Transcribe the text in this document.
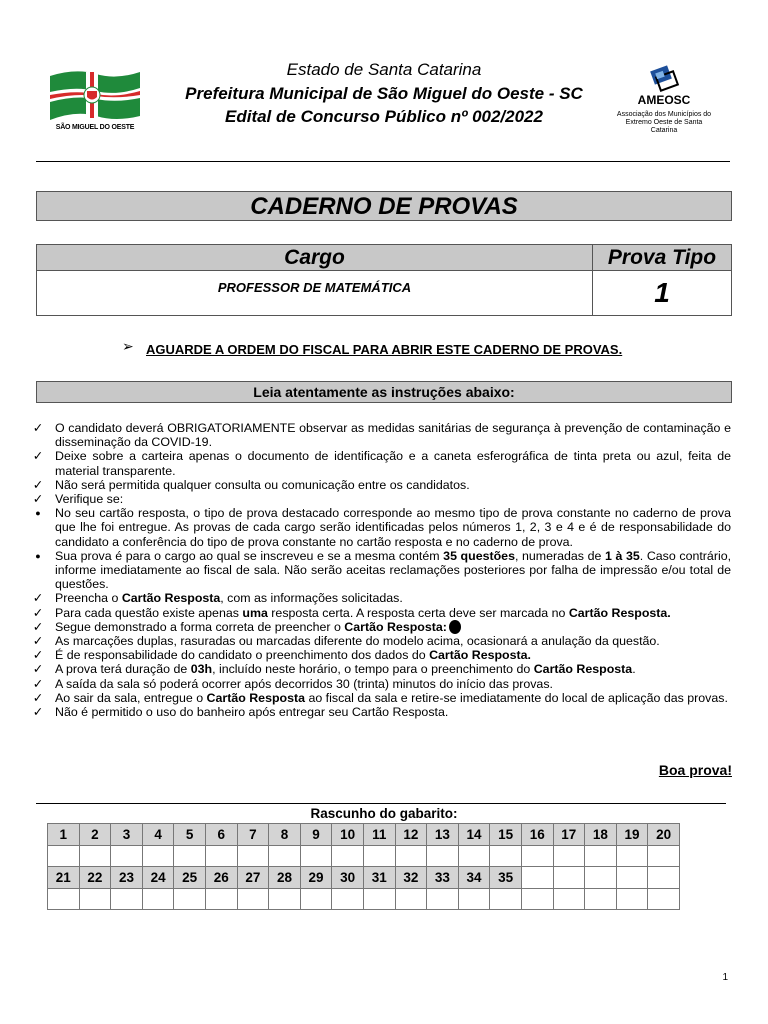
SÃO MIGUEL DO OESTE
Estado de Santa Catarina
Prefeitura Municipal de São Miguel do Oeste - SC
Edital de Concurso Público nº 002/2022
AMEOSC
Associação dos Municípios do Extremo Oeste de Santa Catarina
CADERNO DE PROVAS
Cargo	Prova Tipo
PROFESSOR DE MATEMÁTICA	1
➢ AGUARDE A ORDEM DO FISCAL PARA ABRIR ESTE CADERNO DE PROVAS.
Leia atentamente as instruções abaixo:
✓ O candidato deverá OBRIGATORIAMENTE observar as medidas sanitárias de segurança à prevenção de contaminação e disseminação da COVID-19.
✓ Deixe sobre a carteira apenas o documento de identificação e a caneta esferográfica de tinta preta ou azul, feita de material transparente.
✓ Não será permitida qualquer consulta ou comunicação entre os candidatos.
✓ Verifique se:
●	No seu cartão resposta, o tipo de prova destacado corresponde ao mesmo tipo de prova constante no caderno de prova que lhe foi entregue. As provas de cada cargo serão identificadas pelos números 1, 2, 3 e 4 e é de responsabilidade do candidato a conferência do tipo de prova constante no cartão resposta e no caderno de prova.
●	Sua prova é para o cargo ao qual se inscreveu e se a mesma contém 35 questões, numeradas de 1 à 35. Caso contrário, informe imediatamente ao fiscal de sala. Não serão aceitas reclamações posteriores por falha de impressão e/ou total de questões.
✓ Preencha o Cartão Resposta, com as informações solicitadas.
✓ Para cada questão existe apenas uma resposta certa. A resposta certa deve ser marcada no Cartão Resposta.
✓ Segue demonstrado a forma correta de preencher o Cartão Resposta:
✓ As marcações duplas, rasuradas ou marcadas diferente do modelo acima, ocasionará a anulação da questão.
✓ É de responsabilidade do candidato o preenchimento dos dados do Cartão Resposta.
✓ A prova terá duração de 03h, incluído neste horário, o tempo para o preenchimento do Cartão Resposta.
✓ A saída da sala só poderá ocorrer após decorridos 30 (trinta) minutos do início das provas.
✓ Ao sair da sala, entregue o Cartão Resposta ao fiscal da sala e retire-se imediatamente do local de aplicação das provas.
✓ Não é permitido o uso do banheiro após entregar seu Cartão Resposta.
Boa prova!
Rascunho do gabarito:
1	2	3	4	5	6	7	8	9	10	11	12	13	14	15	16	17	18	19	20

21	22	23	24	25	26	27	28	29	30	31	32	33	34	35					

1
